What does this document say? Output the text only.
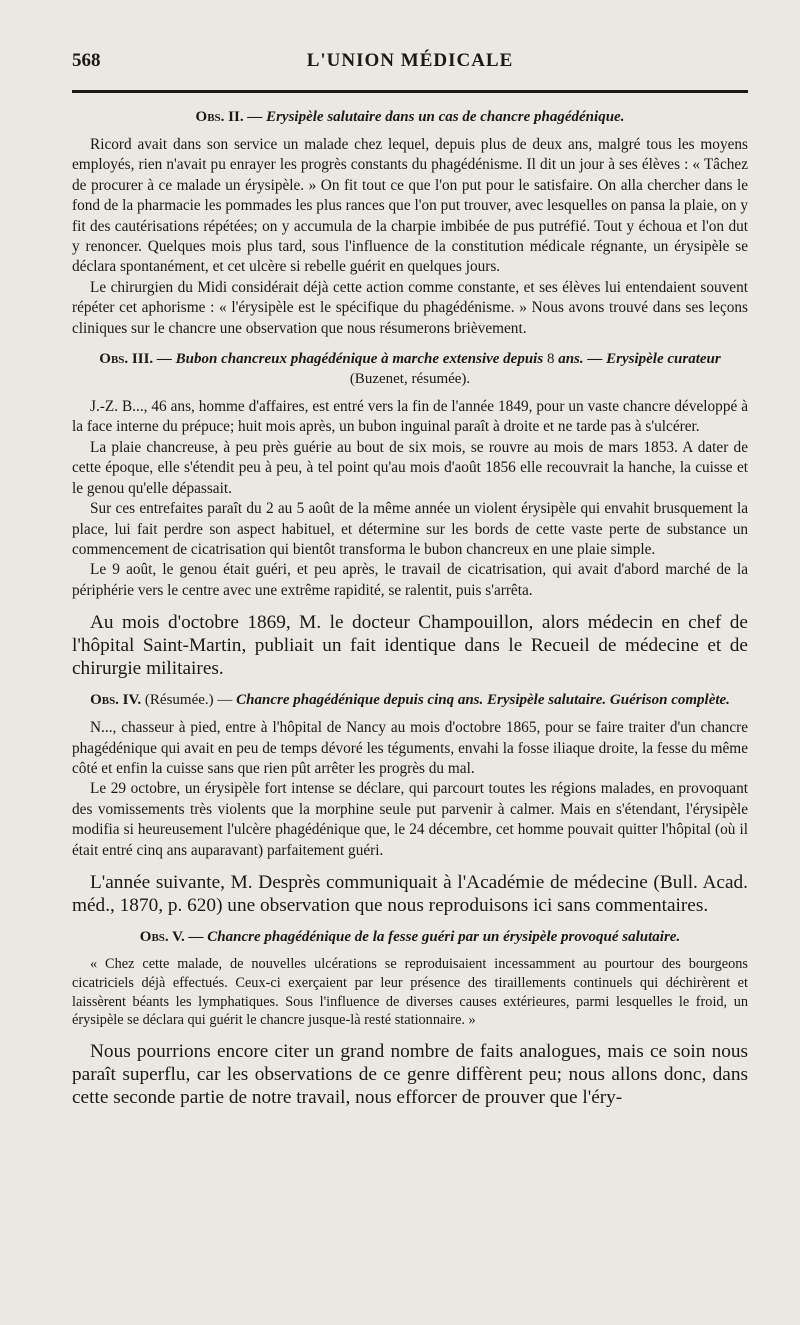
568	L'UNION MÉDICALE
Obs. II. — Erysipèle salutaire dans un cas de chancre phagédénique.

Ricord avait dans son service un malade chez lequel, depuis plus de deux ans, malgré tous les moyens employés, rien n'avait pu enrayer les progrès constants du phagédénisme. Il dit un jour à ses élèves : « Tâchez de procurer à ce malade un érysipèle. » On fit tout ce que l'on put pour le satisfaire. On alla chercher dans le fond de la pharmacie les pommades les plus rances que l'on put trouver, avec lesquelles on pansa la plaie, on y fit des cautérisations répétées; on y accumula de la charpie imbibée de pus putréfié. Tout y échoua et l'on dut y renoncer. Quelques mois plus tard, sous l'influence de la constitution médicale régnante, un érysipèle se déclara spontanément, et cet ulcère si rebelle guérit en quelques jours.

Le chirurgien du Midi considérait déjà cette action comme constante, et ses élèves lui entendaient souvent répéter cet aphorisme : « l'érysipèle est le spécifique du phagédénisme. » Nous avons trouvé dans ses leçons cliniques sur le chancre une observation que nous résumerons brièvement.

Obs. III. — Bubon chancreux phagédénique à marche extensive depuis 8 ans. — Erysipèle curateur (Buzenet, résumée).

J.-Z. B..., 46 ans, homme d'affaires, est entré vers la fin de l'année 1849, pour un vaste chancre développé à la face interne du prépuce; huit mois après, un bubon inguinal paraît à droite et ne tarde pas à s'ulcérer.

La plaie chancreuse, à peu près guérie au bout de six mois, se rouvre au mois de mars 1853. A dater de cette époque, elle s'étendit peu à peu, à tel point qu'au mois d'août 1856 elle recouvrait la hanche, la cuisse et le genou qu'elle dépassait.

Sur ces entrefaites paraît du 2 au 5 août de la même année un violent érysipèle qui envahit brusquement la place, lui fait perdre son aspect habituel, et détermine sur les bords de cette vaste perte de substance un commencement de cicatrisation qui bientôt transforma le bubon chancreux en une plaie simple.

Le 9 août, le genou était guéri, et peu après, le travail de cicatrisation, qui avait d'abord marché de la périphérie vers le centre avec une extrême rapidité, se ralentit, puis s'arrêta.

Au mois d'octobre 1869, M. le docteur Champouillon, alors médecin en chef de l'hôpital Saint-Martin, publiait un fait identique dans le Recueil de médecine et de chirurgie militaires.

Obs. IV. (Résumée.) — Chancre phagédénique depuis cinq ans. Erysipèle salutaire. Guérison complète.

N..., chasseur à pied, entre à l'hôpital de Nancy au mois d'octobre 1865, pour se faire traiter d'un chancre phagédénique qui avait en peu de temps dévoré les téguments, envahi la fosse iliaque droite, la fesse du même côté et enfin la cuisse sans que rien pût arrêter les progrès du mal.

Le 29 octobre, un érysipèle fort intense se déclare, qui parcourt toutes les régions malades, en provoquant des vomissements très violents que la morphine seule put parvenir à calmer. Mais en s'étendant, l'érysipèle modifia si heureusement l'ulcère phagédénique que, le 24 décembre, cet homme pouvait quitter l'hôpital (où il était entré cinq ans auparavant) parfaitement guéri.

L'année suivante, M. Desprès communiquait à l'Académie de médecine (Bull. Acad. méd., 1870, p. 620) une observation que nous reproduisons ici sans commentaires.

Obs. V. — Chancre phagédénique de la fesse guéri par un érysipèle provoqué salutaire.

« Chez cette malade, de nouvelles ulcérations se reproduisaient incessamment au pourtour des bourgeons cicatriciels déjà effectués. Ceux-ci exerçaient par leur présence des tiraillements continuels qui déchirèrent et laissèrent béants les lymphatiques. Sous l'influence de diverses causes extérieures, parmi lesquelles le froid, un érysipèle se déclara qui guérit le chancre jusque-là resté stationnaire. »

Nous pourrions encore citer un grand nombre de faits analogues, mais ce soin nous paraît superflu, car les observations de ce genre diffèrent peu; nous allons donc, dans cette seconde partie de notre travail, nous efforcer de prouver que l'éry-
